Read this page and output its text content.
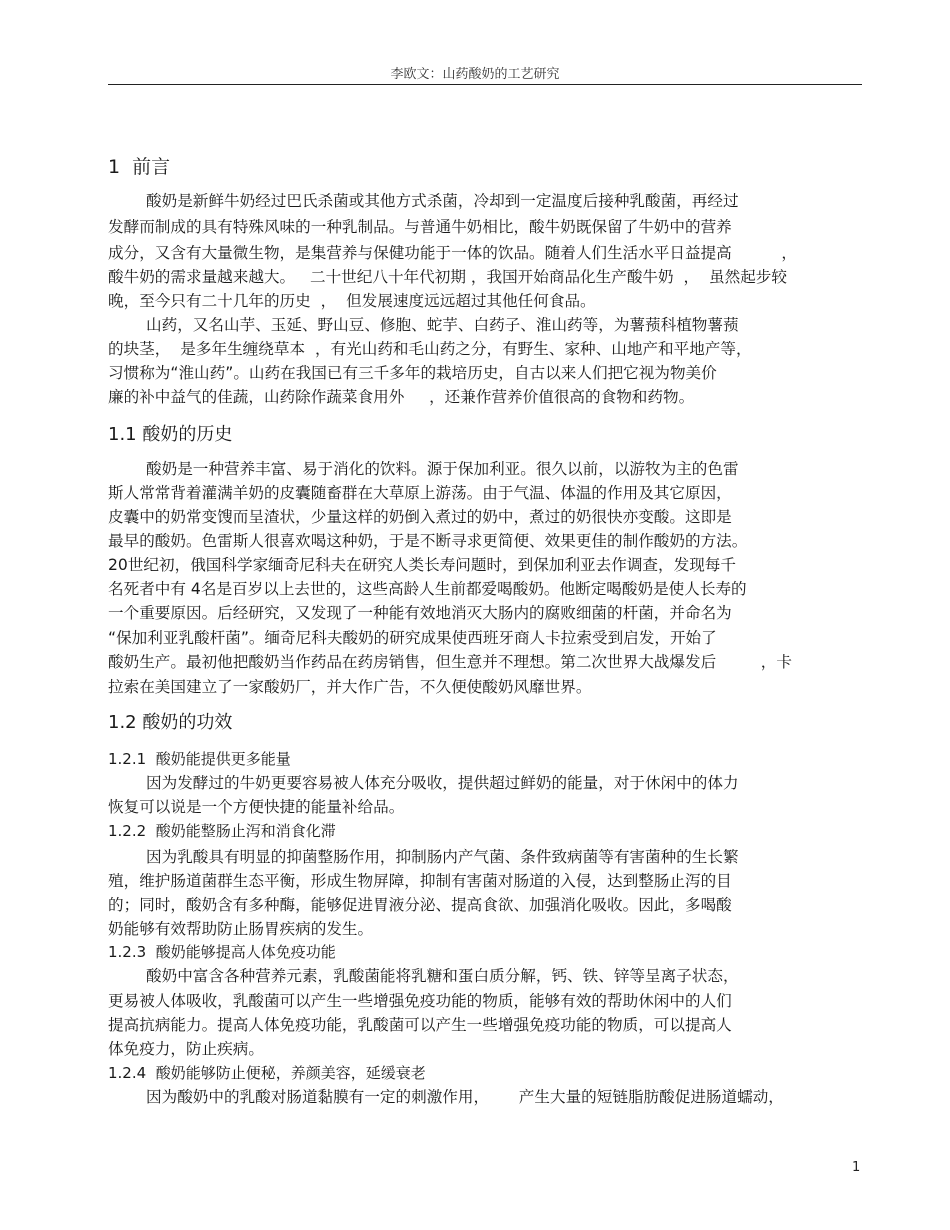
李欧文：山药酸奶的工艺研究
1  前言
酸奶是新鲜牛奶经过巴氏杀菌或其他方式杀菌，冷却到一定温度后接种乳酸菌，再经过
发酵而制成的具有特殊风味的一种乳制品。与普通牛奶相比，酸牛奶既保留了牛奶中的营养
成分，又含有大量微生物，是集营养与保健功能于一体的饮品。随着人们生活水平日益提高          ，
酸牛奶的需求量越来越大。   二十世纪八十年代初期 ，我国开始商品化生产酸牛奶  ，  虽然起步较
晚，至今只有二十几年的历史  ，  但发展速度远远超过其他任何食品。
山药，又名山芋、玉延、野山豆、修胞、蛇芋、白药子、淮山药等，为薯蓣科植物薯蓣
的块茎，  是多年生缠绕草本  ，有光山药和毛山药之分，有野生、家种、山地产和平地产等，
习惯称为“淮山药”。山药在我国已有三千多年的栽培历史，自古以来人们把它视为物美价
廉的补中益气的佳蔬，山药除作蔬菜食用外     ，还兼作营养价值很高的食物和药物。
1.1 酸奶的历史
酸奶是一种营养丰富、易于消化的饮料。源于保加利亚。很久以前，以游牧为主的色雷
斯人常常背着灌满羊奶的皮囊随畜群在大草原上游荡。由于气温、体温的作用及其它原因，
皮囊中的奶常变馊而呈渣状，少量这样的奶倒入煮过的奶中，煮过的奶很快亦变酸。这即是
最早的酸奶。色雷斯人很喜欢喝这种奶，于是不断寻求更简便、效果更佳的制作酸奶的方法。
20世纪初，俄国科学家缅奇尼科夫在研究人类长寿问题时，到保加利亚去作调查，发现每千
名死者中有 4名是百岁以上去世的，这些高龄人生前都爱喝酸奶。他断定喝酸奶是使人长寿的
一个重要原因。后经研究，又发现了一种能有效地消灭大肠内的腐败细菌的杆菌，并命名为
“保加利亚乳酸杆菌”。缅奇尼科夫酸奶的研究成果使西班牙商人卡拉索受到启发，开始了
酸奶生产。最初他把酸奶当作药品在药房销售，但生意并不理想。第二次世界大战爆发后         ，卡
拉索在美国建立了一家酸奶厂，并大作广告，不久便使酸奶风靡世界。
1.2 酸奶的功效
1.2.1  酸奶能提供更多能量
因为发酵过的牛奶更要容易被人体充分吸收，提供超过鲜奶的能量，对于休闲中的体力
恢复可以说是一个方便快捷的能量补给品。
1.2.2  酸奶能整肠止泻和消食化滞
因为乳酸具有明显的抑菌整肠作用，抑制肠内产气菌、条件致病菌等有害菌种的生长繁
殖，维护肠道菌群生态平衡，形成生物屏障，抑制有害菌对肠道的入侵，达到整肠止泻的目
的；同时，酸奶含有多种酶，能够促进胃液分泌、提高食欲、加强消化吸收。因此，多喝酸
奶能够有效帮助防止肠胃疾病的发生。
1.2.3  酸奶能够提高人体免疫功能
酸奶中富含各种营养元素，乳酸菌能将乳糖和蛋白质分解，钙、铁、锌等呈离子状态，
更易被人体吸收，乳酸菌可以产生一些增强免疫功能的物质，能够有效的帮助休闲中的人们
提高抗病能力。提高人体免疫功能，乳酸菌可以产生一些增强免疫功能的物质，可以提高人
体免疫力，防止疾病。
1.2.4  酸奶能够防止便秘，养颜美容，延缓衰老
因为酸奶中的乳酸对肠道黏膜有一定的刺激作用，      产生大量的短链脂肪酸促进肠道蠕动，
1
